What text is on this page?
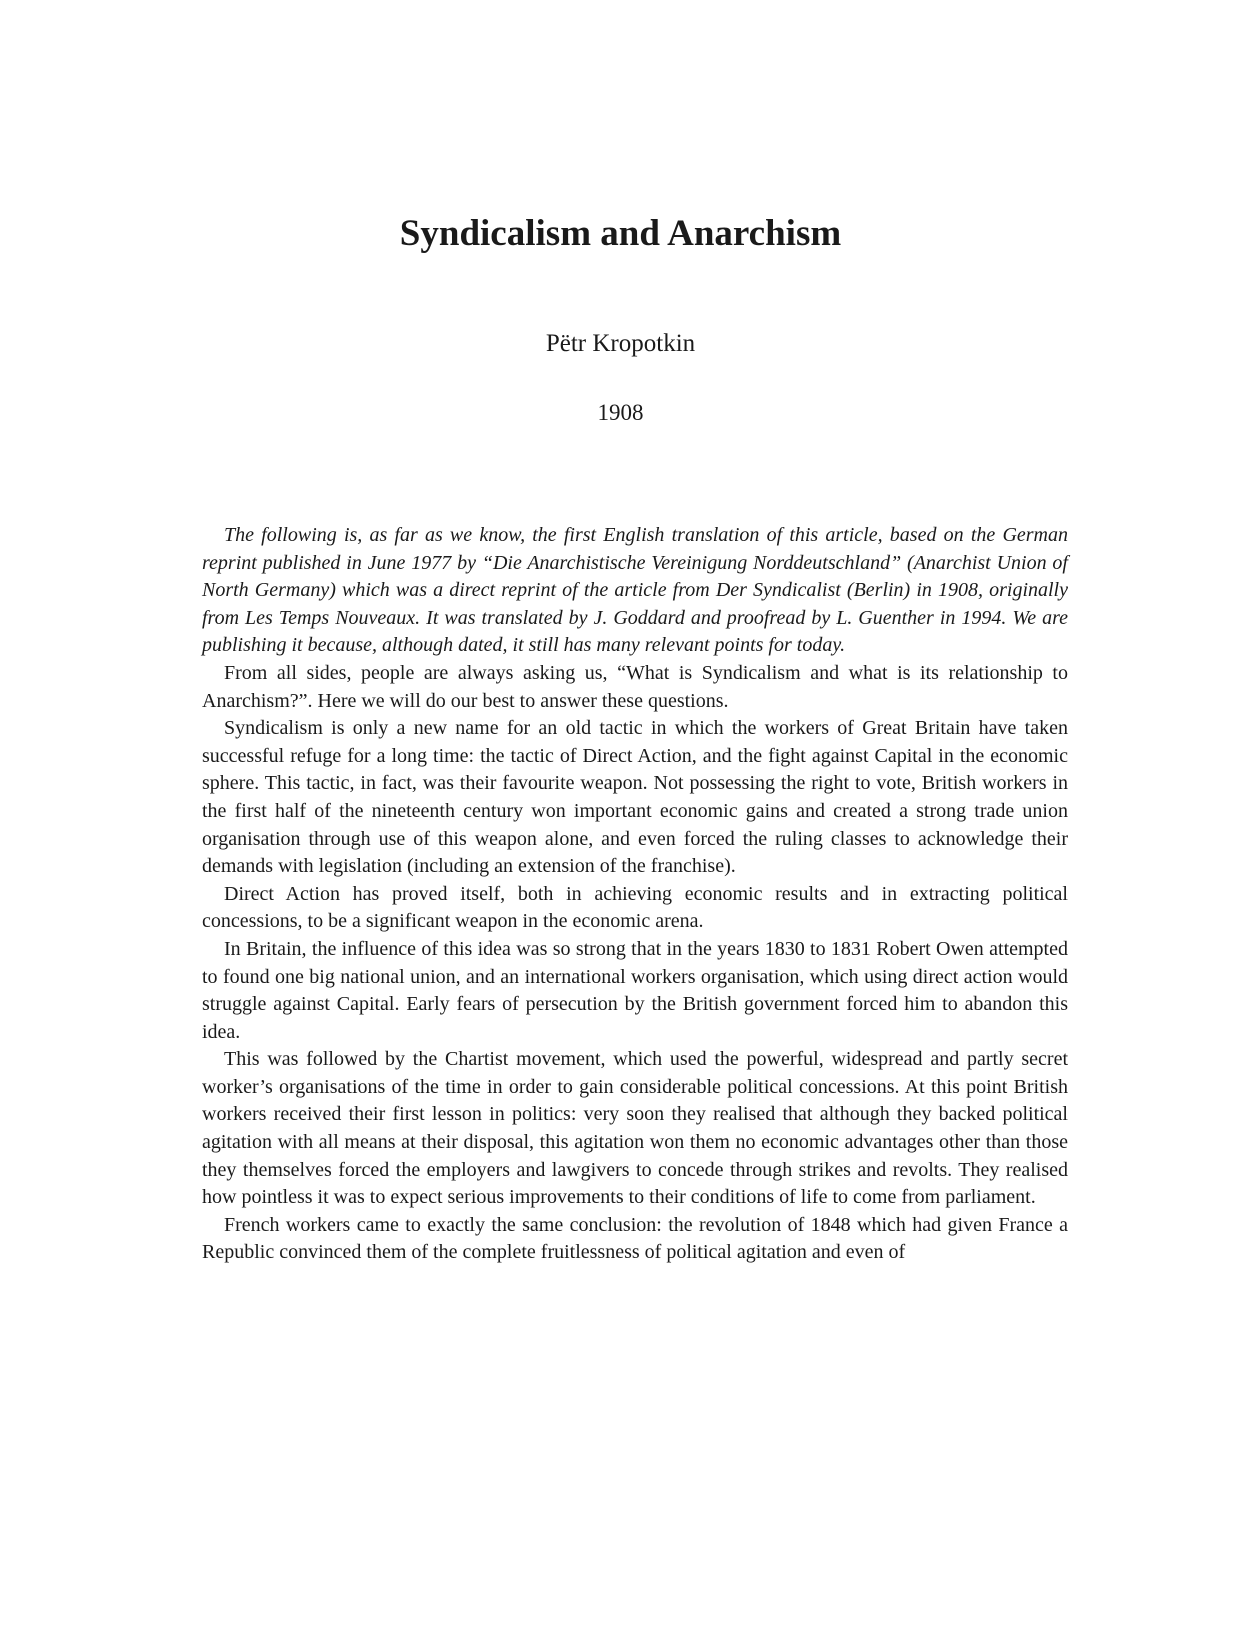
Syndicalism and Anarchism
Pëtr Kropotkin
1908

The following is, as far as we know, the first English translation of this article, based on the German reprint published in June 1977 by “Die Anarchistische Vereinigung Norddeutschland” (Anarchist Union of North Germany) which was a direct reprint of the article from Der Syndicalist (Berlin) in 1908, originally from Les Temps Nouveaux. It was translated by J. Goddard and proofread by L. Guenther in 1994. We are publishing it because, although dated, it still has many relevant points for today.

From all sides, people are always asking us, “What is Syndicalism and what is its relationship to Anarchism?”. Here we will do our best to answer these questions.

Syndicalism is only a new name for an old tactic in which the workers of Great Britain have taken successful refuge for a long time: the tactic of Direct Action, and the fight against Capital in the economic sphere. This tactic, in fact, was their favourite weapon. Not possessing the right to vote, British workers in the first half of the nineteenth century won important economic gains and created a strong trade union organisation through use of this weapon alone, and even forced the ruling classes to acknowledge their demands with legislation (including an extension of the franchise).

Direct Action has proved itself, both in achieving economic results and in extracting political concessions, to be a significant weapon in the economic arena.

In Britain, the influence of this idea was so strong that in the years 1830 to 1831 Robert Owen attempted to found one big national union, and an international workers organisation, which using direct action would struggle against Capital. Early fears of persecution by the British government forced him to abandon this idea.

This was followed by the Chartist movement, which used the powerful, widespread and partly secret worker’s organisations of the time in order to gain considerable political concessions. At this point British workers received their first lesson in politics: very soon they realised that although they backed political agitation with all means at their disposal, this agitation won them no economic advantages other than those they themselves forced the employers and lawgivers to concede through strikes and revolts. They realised how pointless it was to expect serious improvements to their conditions of life to come from parliament.

French workers came to exactly the same conclusion: the revolution of 1848 which had given France a Republic convinced them of the complete fruitlessness of political agitation and even of
